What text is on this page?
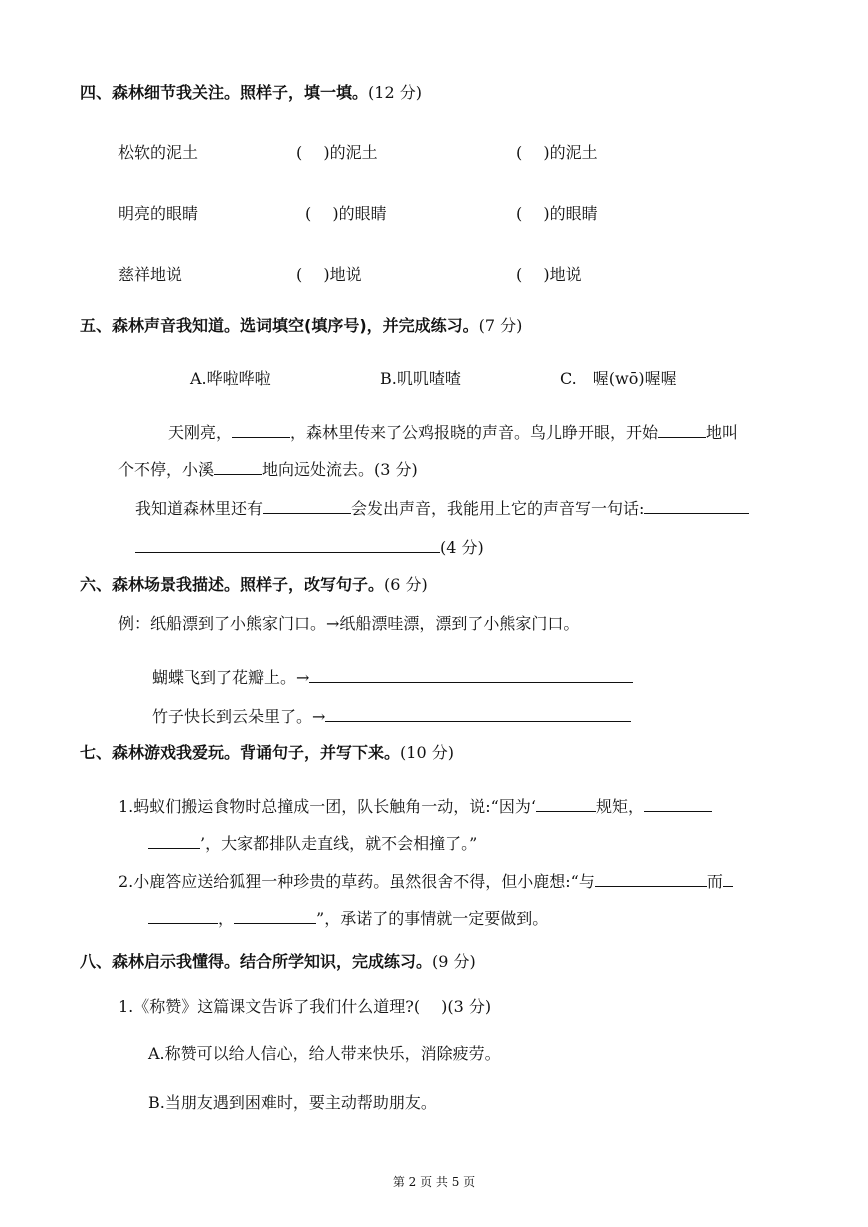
四、森林细节我关注。照样子，填一填。(12 分)
松软的泥土	(　 )的泥土	(　 )的泥土
明亮的眼睛	(　 )的眼睛	(　 )的眼睛
慈祥地说	(　 )地说	(　 )地说
五、森林声音我知道。选词填空(填序号)，并完成练习。(7 分)
A.哗啦哗啦	B.叽叽喳喳	C.　喔(wō)喔喔
天刚亮，	，森林里传来了公鸡报晓的声音。鸟儿睁开眼，开始	地叫
个不停，小溪	地向远处流去。(3 分)
我知道森林里还有	会发出声音，我能用上它的声音写一句话:
(4 分)
六、森林场景我描述。照样子，改写句子。(6 分)
例：纸船漂到了小熊家门口。→纸船漂哇漂，漂到了小熊家门口。
蝴蝶飞到了花瓣上。→
竹子快长到云朵里了。→
七、森林游戏我爱玩。背诵句子，并写下来。(10 分)
1.蚂蚁们搬运食物时总撞成一团，队长触角一动，说:“因为‘	规矩，
’，大家都排队走直线，就不会相撞了。”
2.小鹿答应送给狐狸一种珍贵的草药。虽然很舍不得，但小鹿想:“与	而
，	”，承诺了的事情就一定要做到。
八、森林启示我懂得。结合所学知识，完成练习。(9 分)
1.《称赞》这篇课文告诉了我们什么道理?(　 )(3 分)
A.称赞可以给人信心，给人带来快乐，消除疲劳。
B.当朋友遇到困难时，要主动帮助朋友。
第 2 页 共 5 页
